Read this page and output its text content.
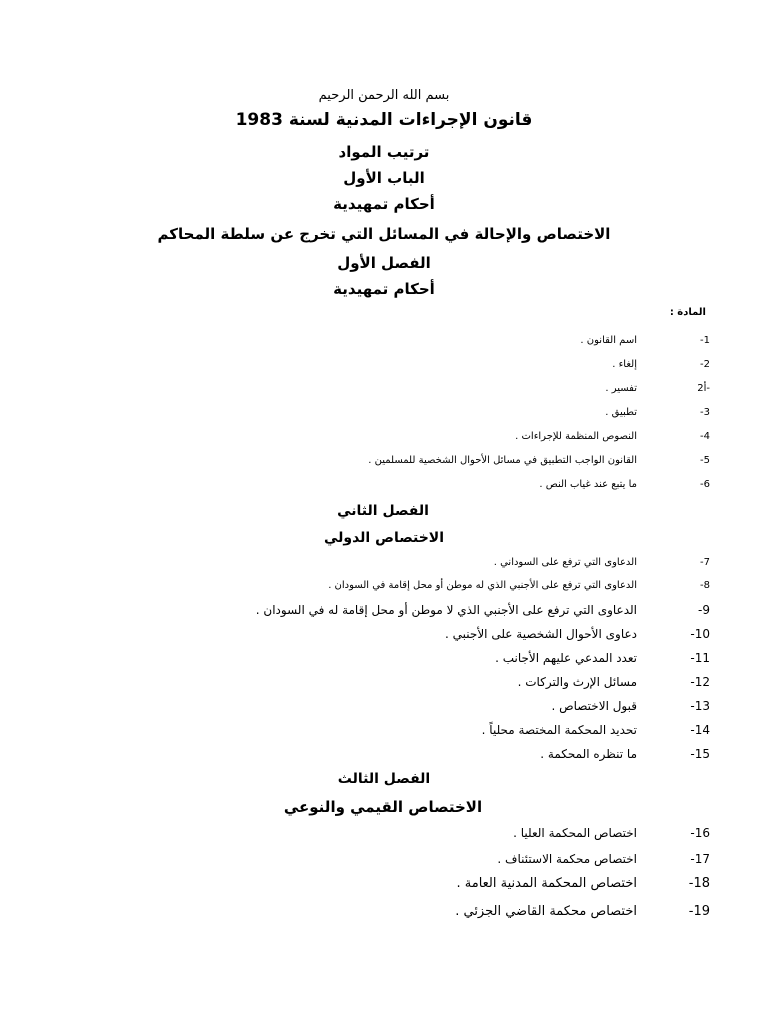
بسم الله الرحمن الرحيم
قانون الإجراءات المدنية لسنة 1983
ترتيب المواد
الباب الأول
أحكام تمهيدية
الاختصاص والإحالة في المسائل التي تخرج عن سلطة المحاكم
الفصل الأول
أحكام تمهيدية
المادة :
-1
اسم القانون .
-2
إلغاء .
2أ-
تفسير .
-3
تطبيق .
-4
النصوص المنظمة للإجراءات .
-5
القانون الواجب التطبيق في مسائل الأحوال الشخصية للمسلمين .
-6
ما يتبع عند غياب النص .
الفصل الثاني
الاختصاص الدولي
-7
الدعاوى التي ترفع على السوداني .
-8
الدعاوى التي ترفع على الأجنبي الذي له موطن أو محل إقامة في السودان .
-9
الدعاوى التي ترفع على الأجنبي الذي لا موطن أو محل إقامة له في السودان .
-10
دعاوى الأحوال الشخصية على الأجنبي .
-11
تعدد المدعي عليهم الأجانب .
-12
مسائل الإرث والتركات .
-13
قبول الاختصاص .
-14
تحديد المحكمة المختصة محلياً .
-15
ما تنظره المحكمة .
الفصل الثالث
الاختصاص القيمي والنوعي
-16
اختصاص المحكمة العليا .
-17
اختصاص محكمة الاستئناف .
-18
اختصاص المحكمة المدنية العامة .
-19
اختصاص محكمة القاضي الجزئي .
